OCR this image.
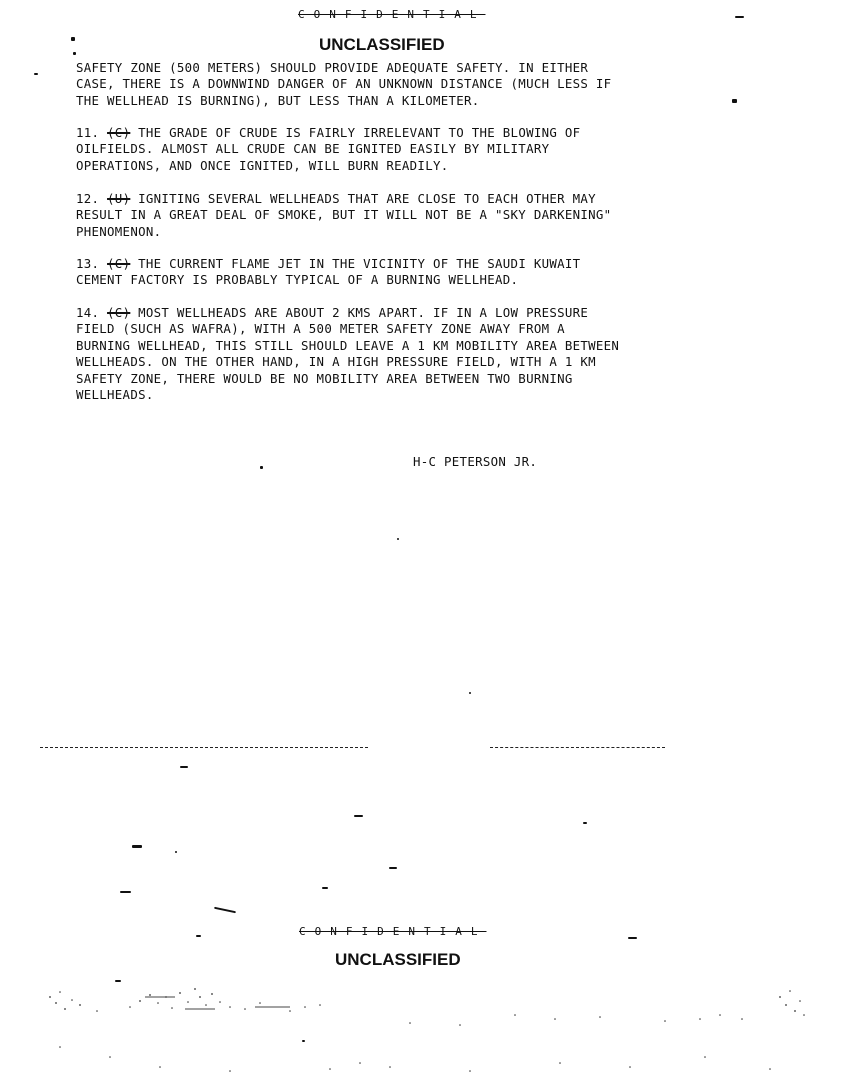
CONFIDENTIAL
UNCLASSIFIED
SAFETY ZONE (500 METERS) SHOULD PROVIDE ADEQUATE SAFETY. IN EITHER
CASE, THERE IS A DOWNWIND DANGER OF AN UNKNOWN DISTANCE (MUCH LESS IF
THE WELLHEAD IS BURNING), BUT LESS THAN A KILOMETER.
11. (C) THE GRADE OF CRUDE IS FAIRLY IRRELEVANT TO THE BLOWING OF
OILFIELDS. ALMOST ALL CRUDE CAN BE IGNITED EASILY BY MILITARY
OPERATIONS, AND ONCE IGNITED, WILL BURN READILY.
12. (U) IGNITING SEVERAL WELLHEADS THAT ARE CLOSE TO EACH OTHER MAY
RESULT IN A GREAT DEAL OF SMOKE, BUT IT WILL NOT BE A "SKY DARKENING"
PHENOMENON.
13. (C) THE CURRENT FLAME JET IN THE VICINITY OF THE SAUDI KUWAIT
CEMENT FACTORY IS PROBABLY TYPICAL OF A BURNING WELLHEAD.
14. (C) MOST WELLHEADS ARE ABOUT 2 KMS APART. IF IN A LOW PRESSURE
FIELD (SUCH AS WAFRA), WITH A 500 METER SAFETY ZONE AWAY FROM A
BURNING WELLHEAD, THIS STILL SHOULD LEAVE A 1 KM MOBILITY AREA BETWEEN
WELLHEADS. ON THE OTHER HAND, IN A HIGH PRESSURE FIELD, WITH A 1 KM
SAFETY ZONE, THERE WOULD BE NO MOBILITY AREA BETWEEN TWO BURNING
WELLHEADS.
H-C PETERSON JR.
CONFIDENTIAL
UNCLASSIFIED
